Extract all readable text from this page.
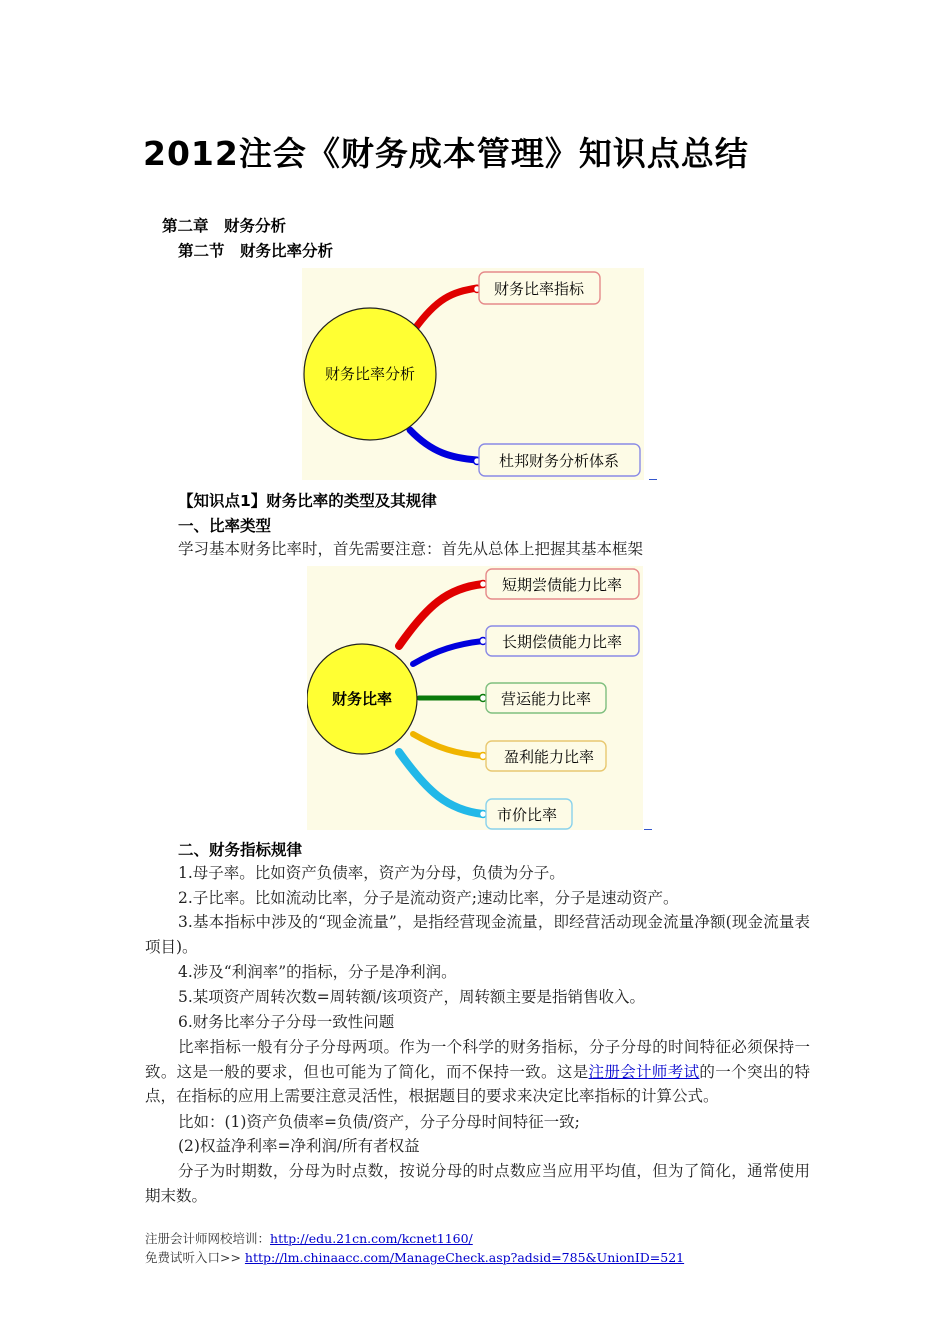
2012注会《财务成本管理》知识点总结
第二章　财务分析
第二节　财务比率分析
财务比率分析
财务比率指标
杜邦财务分析体系
【知识点1】财务比率的类型及其规律
一、比率类型
学习基本财务比率时，首先需要注意：首先从总体上把握其基本框架
财务比率
短期尝债能力比率
长期偿债能力比率
营运能力比率
盈利能力比率
市价比率
二、财务指标规律
1.母子率。比如资产负债率，资产为分母，负债为分子。
2.子比率。比如流动比率，分子是流动资产;速动比率，分子是速动资产。
3.基本指标中涉及的“现金流量”，是指经营现金流量，即经营活动现金流量净额(现金流量表项目)。
4.涉及“利润率”的指标，分子是净利润。
5.某项资产周转次数=周转额/该项资产，周转额主要是指销售收入。
6.财务比率分子分母一致性问题
比率指标一般有分子分母两项。作为一个科学的财务指标，分子分母的时间特征必须保持一致。这是一般的要求，但也可能为了简化，而不保持一致。这是注册会计师考试的一个突出的特点，在指标的应用上需要注意灵活性，根据题目的要求来决定比率指标的计算公式。
比如：(1)资产负债率=负债/资产，分子分母时间特征一致;
(2)权益净利率=净利润/所有者权益
分子为时期数，分母为时点数，按说分母的时点数应当应用平均值，但为了简化，通常使用期末数。
注册会计师网校培训：http://edu.21cn.com/kcnet1160/
免费试听入口>> http://lm.chinaacc.com/ManageCheck.asp?adsid=785&UnionID=521
